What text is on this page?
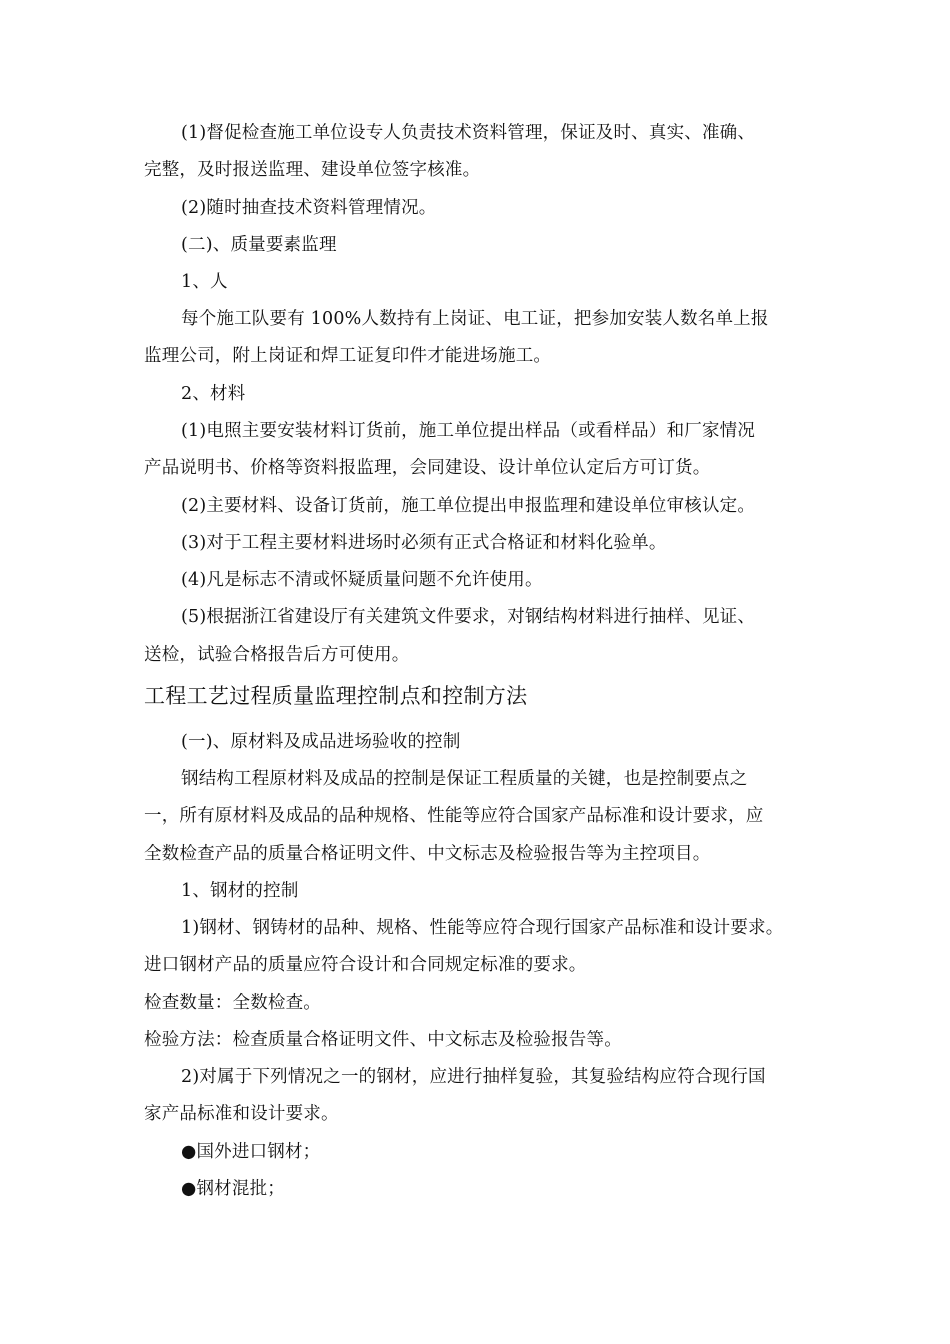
(1)督促检查施工单位设专人负责技术资料管理，保证及时、真实、准确、
完整，及时报送监理、建设单位签字核准。
(2)随时抽查技术资料管理情况。
(二)、质量要素监理
1、人
每个施工队要有 100%人数持有上岗证、电工证，把参加安装人数名单上报
监理公司，附上岗证和焊工证复印件才能进场施工。
2、材料
(1)电照主要安装材料订货前，施工单位提出样品（或看样品）和厂家情况
产品说明书、价格等资料报监理，会同建设、设计单位认定后方可订货。
(2)主要材料、设备订货前，施工单位提出申报监理和建设单位审核认定。
(3)对于工程主要材料进场时必须有正式合格证和材料化验单。
(4)凡是标志不清或怀疑质量问题不允许使用。
(5)根据浙江省建设厅有关建筑文件要求，对钢结构材料进行抽样、见证、
送检，试验合格报告后方可使用。
工程工艺过程质量监理控制点和控制方法
(一)、原材料及成品进场验收的控制
钢结构工程原材料及成品的控制是保证工程质量的关键，也是控制要点之
一，所有原材料及成品的品种规格、性能等应符合国家产品标准和设计要求，应
全数检查产品的质量合格证明文件、中文标志及检验报告等为主控项目。
1、钢材的控制
1)钢材、钢铸材的品种、规格、性能等应符合现行国家产品标准和设计要求。
进口钢材产品的质量应符合设计和合同规定标准的要求。
检查数量：全数检查。
检验方法：检查质量合格证明文件、中文标志及检验报告等。
2)对属于下列情况之一的钢材，应进行抽样复验，其复验结构应符合现行国
家产品标准和设计要求。
●国外进口钢材；
●钢材混批；
